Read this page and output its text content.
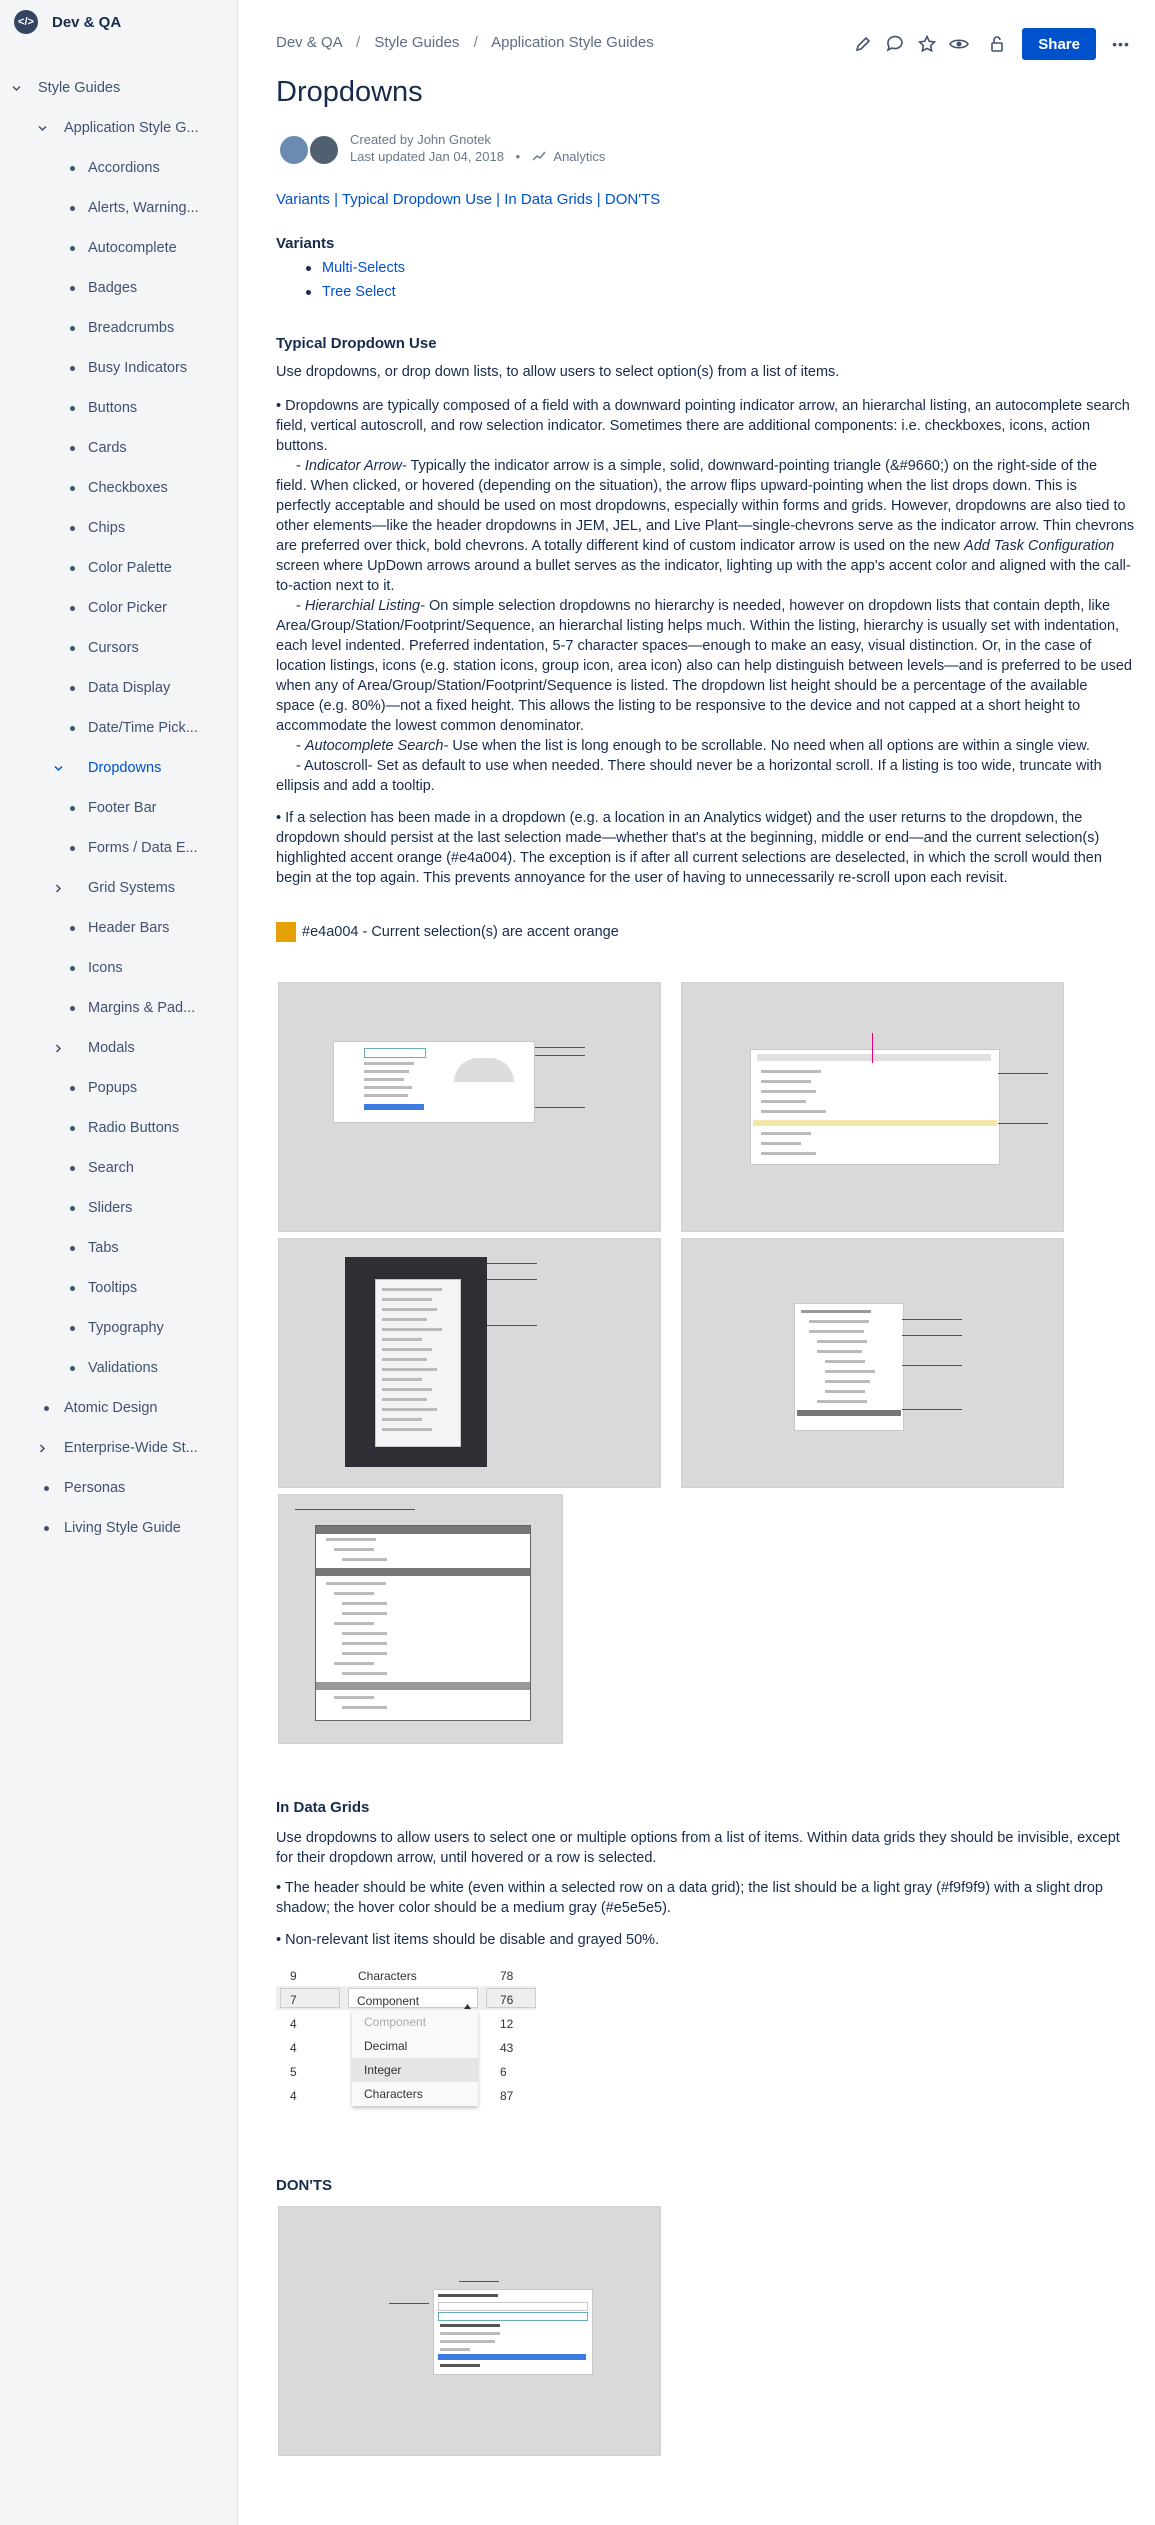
</> Dev & QA
Style Guides
Application Style G...
Accordions
Alerts, Warning...
Autocomplete
Badges
Breadcrumbs
Busy Indicators
Buttons
Cards
Checkboxes
Chips
Color Palette
Color Picker
Cursors
Data Display
Date/Time Pick...
Dropdowns
Footer Bar
Forms / Data E...
Grid Systems
Header Bars
Icons
Margins & Pad...
Modals
Popups
Radio Buttons
Search
Sliders
Tabs
Tooltips
Typography
Validations
Atomic Design
Enterprise-Wide St...
Personas
Living Style Guide
Dev & QA / Style Guides / Application Style Guides	Share	•••
Dropdowns
Created by John Gnotek
Last updated Jan 04, 2018 •	Analytics
Variants | Typical Dropdown Use | In Data Grids | DON'TS
Variants
Multi-Selects
Tree Select
Typical Dropdown Use

Use dropdowns, or drop down lists, to allow users to select option(s) from a list of items.

• Dropdowns are typically composed of a field with a downward pointing indicator arrow, an hierarchal listing, an autocomplete search

field, vertical autoscroll, and row selection indicator. Sometimes there are additional components: i.e. checkboxes, icons, action

buttons.

- Indicator Arrow- Typically the indicator arrow is a simple, solid, downward-pointing triangle (&#9660;) on the right-side of the

field. When clicked, or hovered (depending on the situation), the arrow flips upward-pointing when the list drops down. This is

perfectly acceptable and should be used on most dropdowns, especially within forms and grids. However, dropdowns are also tied to

other elements—like the header dropdowns in JEM, JEL, and Live Plant—single-chevrons serve as the indicator arrow. Thin chevrons

are preferred over thick, bold chevrons. A totally different kind of custom indicator arrow is used on the new Add Task Configuration

screen where UpDown arrows around a bullet serves as the indicator, lighting up with the app's accent color and aligned with the call-

to-action next to it.

- Hierarchial Listing- On simple selection dropdowns no hierarchy is needed, however on dropdown lists that contain depth, like

Area/Group/Station/Footprint/Sequence, an hierarchal listing helps much. Within the listing, hierarchy is usually set with indentation,

each level indented. Preferred indentation, 5-7 character spaces—enough to make an easy, visual distinction. Or, in the case of

location listings, icons (e.g. station icons, group icon, area icon) also can help distinguish between levels—and is preferred to be used

when any of Area/Group/Station/Footprint/Sequence is listed. The dropdown list height should be a percentage of the available

space (e.g. 80%)—not a fixed height. This allows the listing to be responsive to the device and not capped at a short height to

accommodate the lowest common denominator.

- Autocomplete Search- Use when the list is long enough to be scrollable. No need when all options are within a single view.

- Autoscroll- Set as default to use when needed. There should never be a horizontal scroll. If a listing is too wide, truncate with

ellipsis and add a tooltip.

• If a selection has been made in a dropdown (e.g. a location in an Analytics widget) and the user returns to the dropdown, the

dropdown should persist at the last selection made—whether that's at the beginning, middle or end—and the current selection(s)

highlighted accent orange (#e4a004). The exception is if after all current selections are deselected, in which the scroll would then

begin at the top again. This prevents annoyance for the user of having to unnecessarily re-scroll upon each revisit.

#e4a004 - Current selection(s) are accent orange

In Data Grids

Use dropdowns to allow users to select one or multiple options from a list of items. Within data grids they should be invisible, except

for their dropdown arrow, until hovered or a row is selected.

• The header should be white (even within a selected row on a data grid); the list should be a light gray (#f9f9f9) with a slight drop

shadow; the hover color should be a medium gray (#e5e5e5).

• Non-relevant list items should be disable and grayed 50%.

9	Characters	78
7	Component	76
4	12
4	43
5	6
4	87
Component
Decimal
Integer
Characters
DON'TS
